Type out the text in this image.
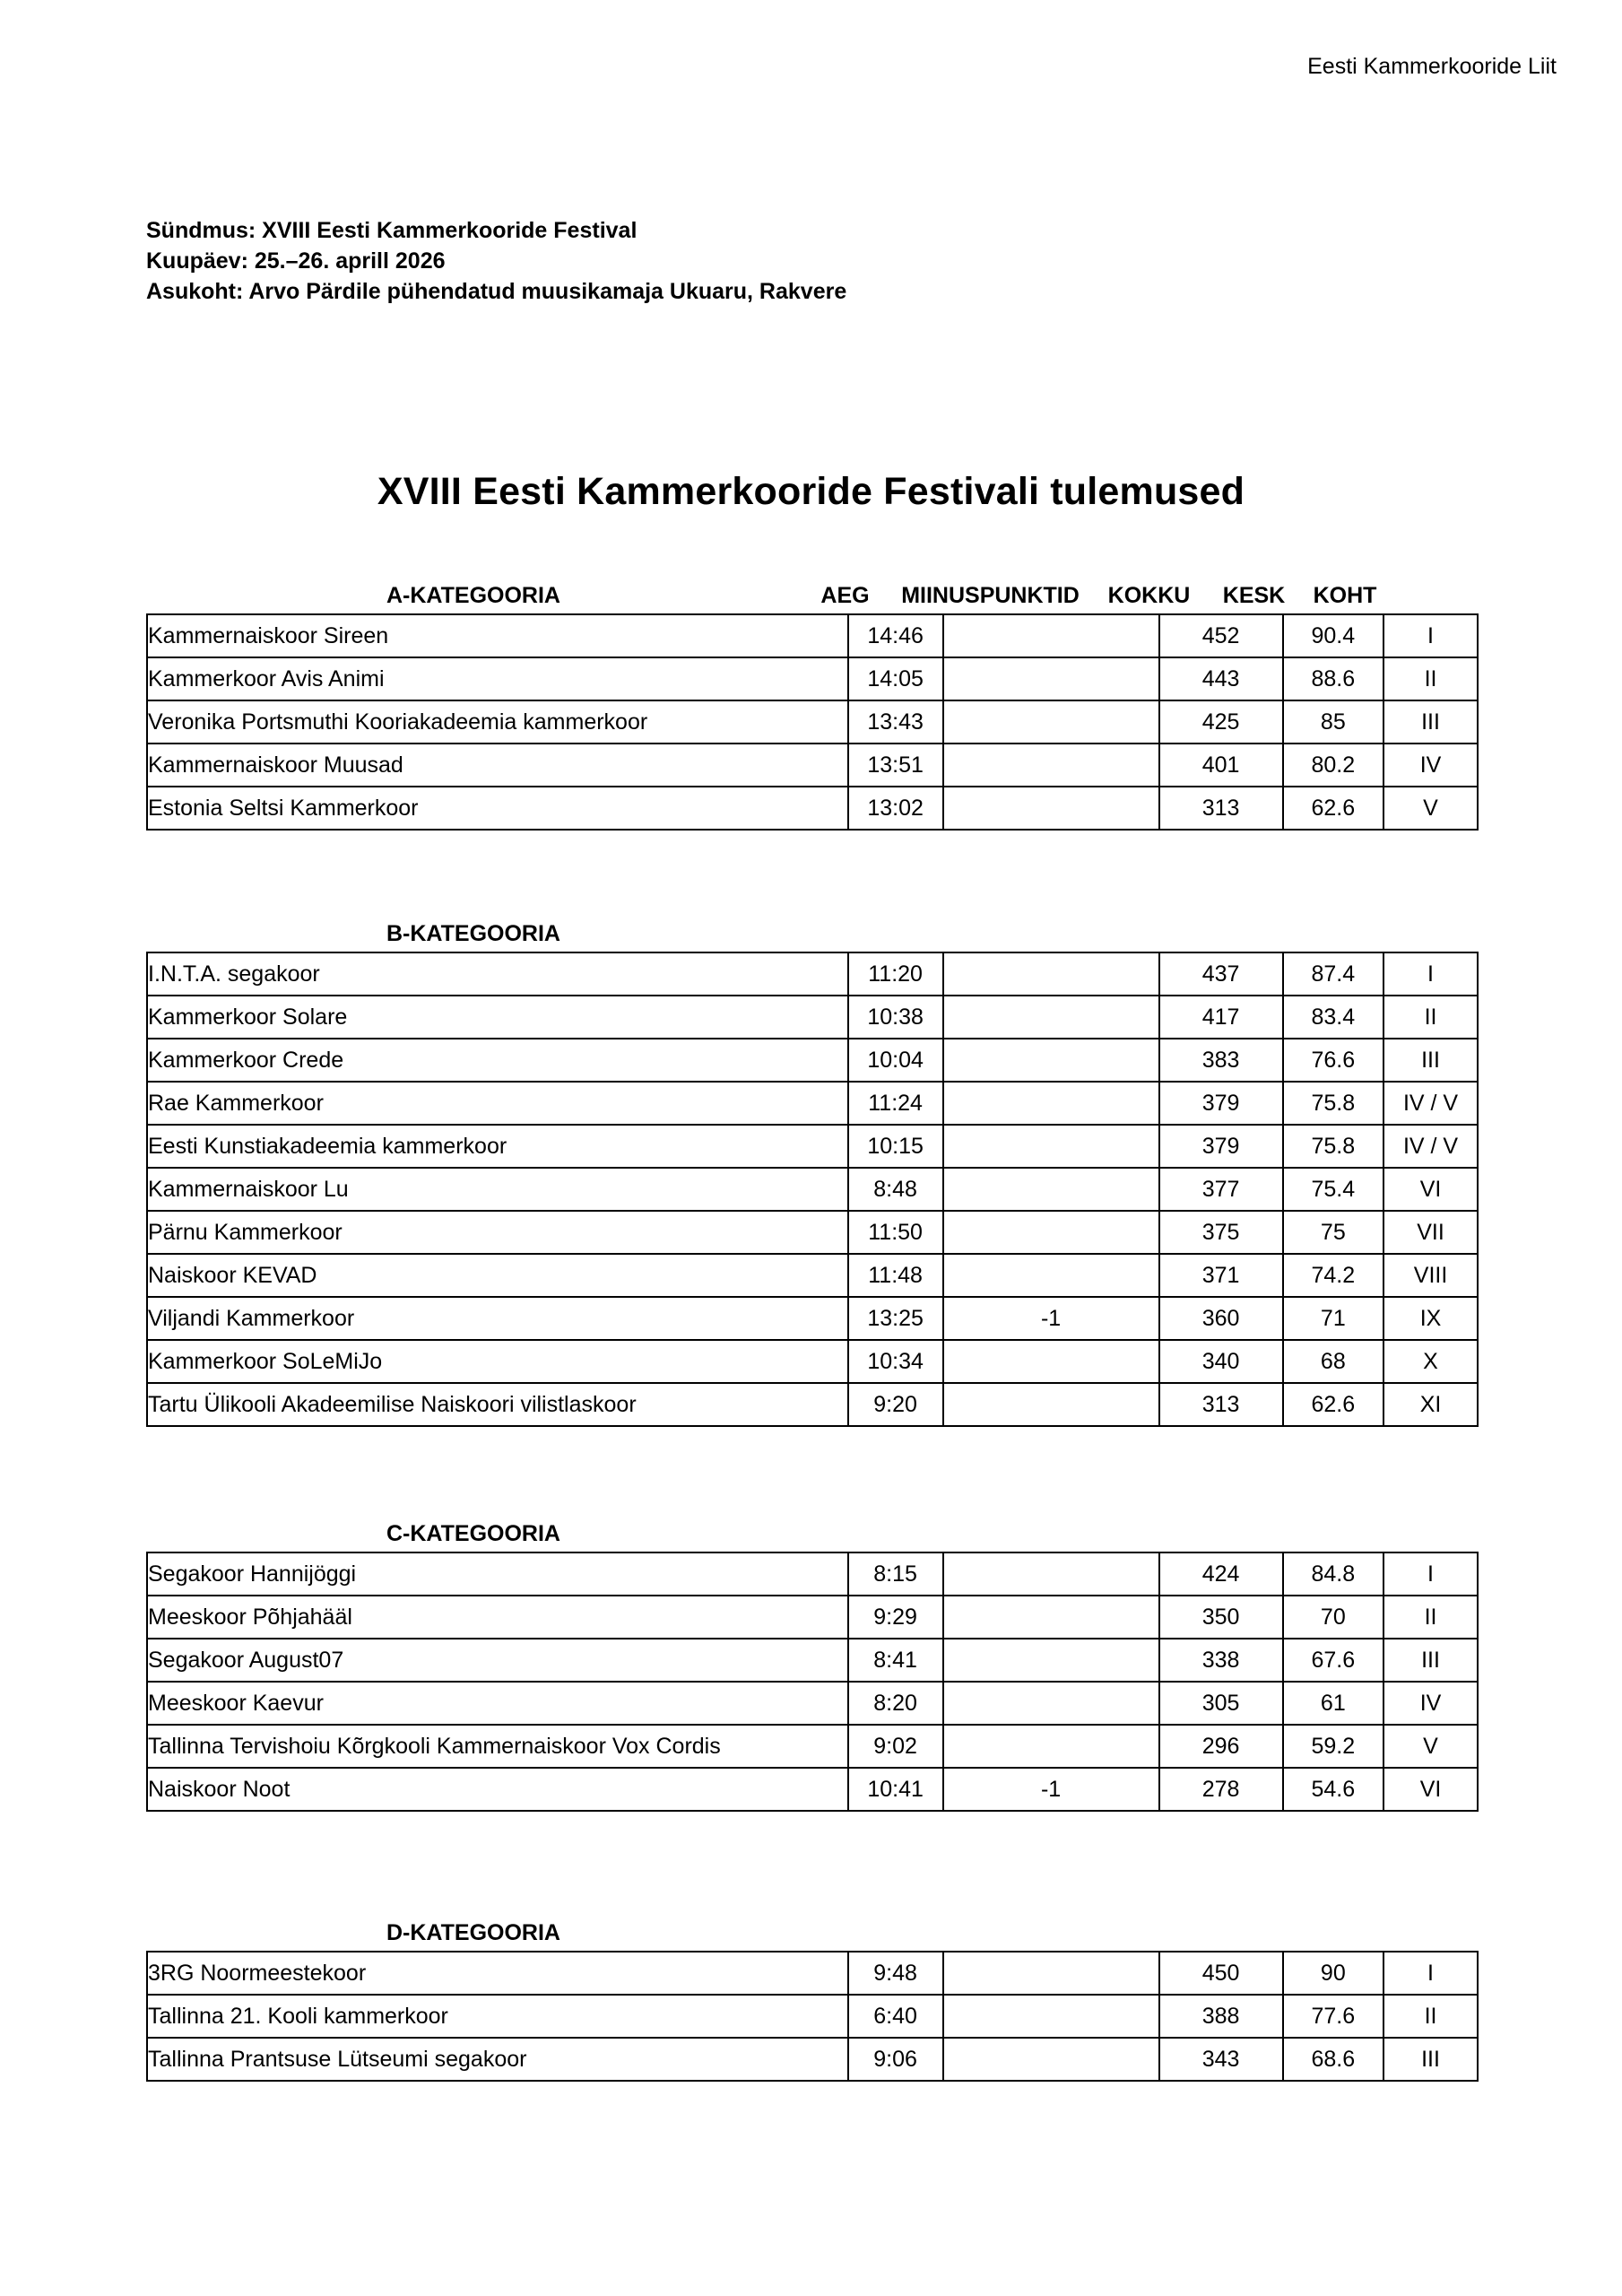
Eesti Kammerkooride Liit
Sündmus: XVIII Eesti Kammerkooride Festival
Kuupäev: 25.–26. aprill 2026
Asukoht: Arvo Pärdile pühendatud muusikamaja Ukuaru, Rakvere
XVIII Eesti Kammerkooride Festivali tulemused
A-KATEGOORIA	AEG	MIINUSPUNKTID	KOKKU	KESK	KOHT
Kammernaiskoor Sireen	14:46		452	90.4	I
Kammerkoor Avis Animi	14:05		443	88.6	II
Veronika Portsmuthi Kooriakadeemia kammerkoor	13:43		425	85	III
Kammernaiskoor Muusad	13:51		401	80.2	IV
Estonia Seltsi Kammerkoor	13:02		313	62.6	V
B-KATEGOORIA
I.N.T.A. segakoor	11:20		437	87.4	I
Kammerkoor Solare	10:38		417	83.4	II
Kammerkoor Crede	10:04		383	76.6	III
Rae Kammerkoor	11:24		379	75.8	IV / V
Eesti Kunstiakadeemia kammerkoor	10:15		379	75.8	IV / V
Kammernaiskoor Lu	8:48		377	75.4	VI
Pärnu Kammerkoor	11:50		375	75	VII
Naiskoor KEVAD	11:48		371	74.2	VIII
Viljandi Kammerkoor	13:25	-1	360	71	IX
Kammerkoor SoLeMiJo	10:34		340	68	X
Tartu Ülikooli Akadeemilise Naiskoori vilistlaskoor	9:20		313	62.6	XI
C-KATEGOORIA
Segakoor Hannijöggi	8:15		424	84.8	I
Meeskoor Põhjahääl	9:29		350	70	II
Segakoor August07	8:41		338	67.6	III
Meeskoor Kaevur	8:20		305	61	IV
Tallinna Tervishoiu Kõrgkooli Kammernaiskoor Vox Cordis	9:02		296	59.2	V
Naiskoor Noot	10:41	-1	278	54.6	VI
D-KATEGOORIA
3RG Noormeestekoor	9:48		450	90	I
Tallinna 21. Kooli kammerkoor	6:40		388	77.6	II
Tallinna Prantsuse Lütseumi segakoor	9:06		343	68.6	III
